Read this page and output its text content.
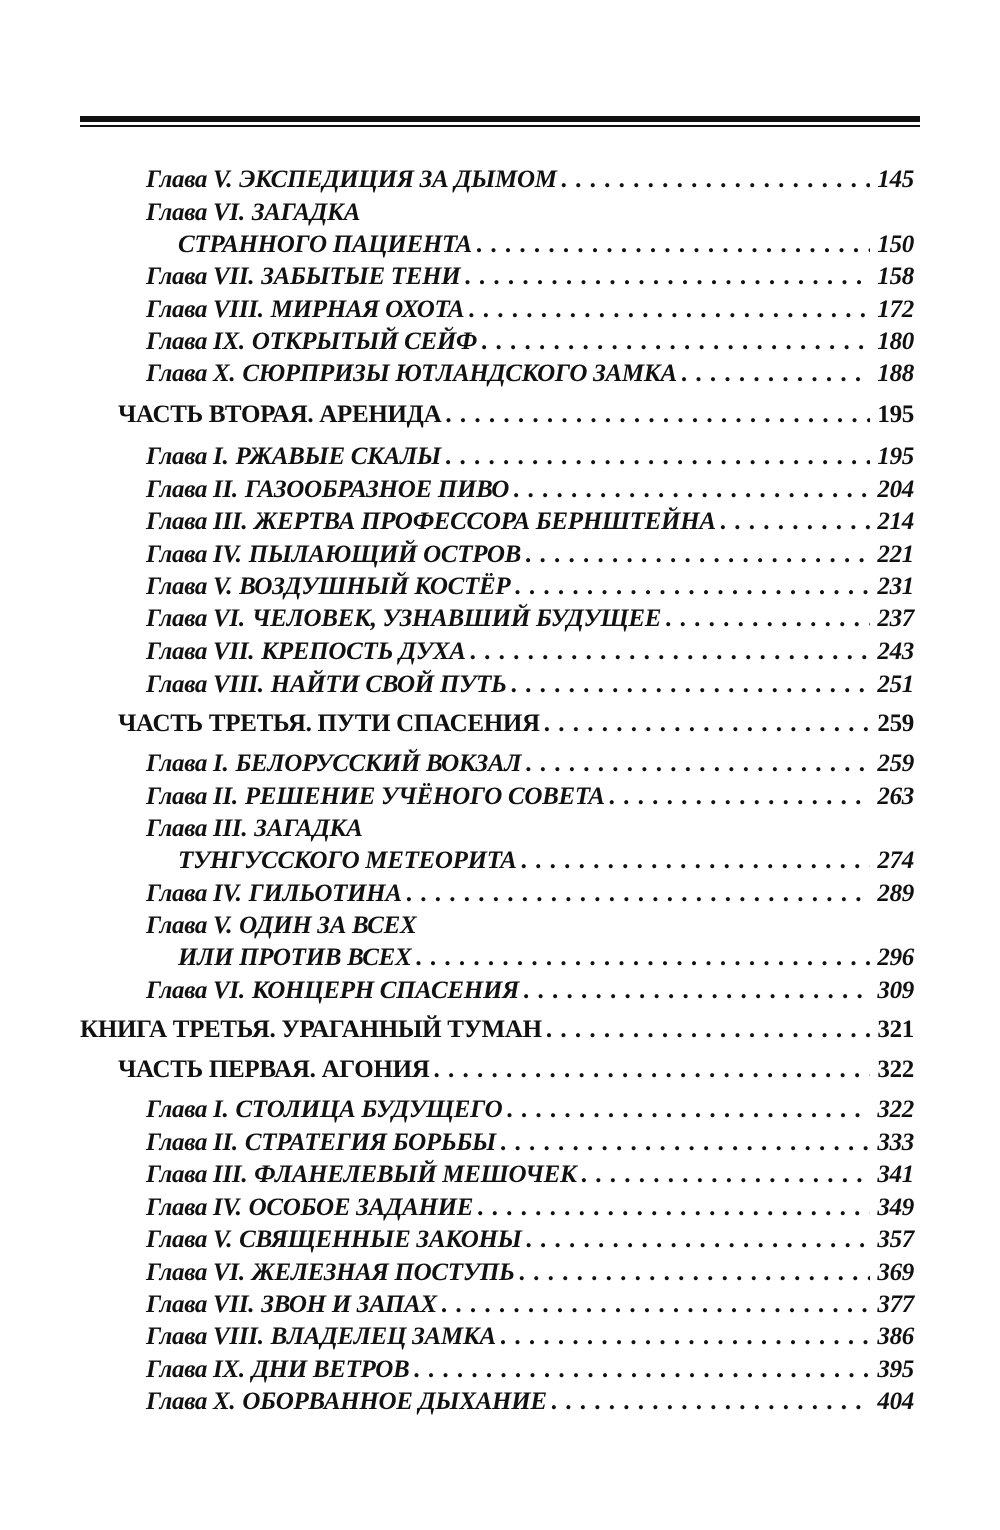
Глава V. ЭКСПЕДИЦИЯ ЗА ДЫМОМ . . .	145
Глава VI. ЗАГАДКА
СТРАННОГО ПАЦИЕНТА . . .	150
Глава VII. ЗАБЫТЫЕ ТЕНИ . . .	158
Глава VIII. МИРНАЯ ОХОТА . . .	172
Глава IX. ОТКРЫТЫЙ СЕЙФ . . .	180
Глава X. СЮРПРИЗЫ ЮТЛАНДСКОГО ЗАМКА . . .	188
ЧАСТЬ ВТОРАЯ. АРЕНИДА . . .	195
Глава I. РЖАВЫЕ СКАЛЫ . . .	195
Глава II. ГАЗООБРАЗНОЕ ПИВО . . .	204
Глава III. ЖЕРТВА ПРОФЕССОРА БЕРНШТЕЙНА . . .	214
Глава IV. ПЫЛАЮЩИЙ ОСТРОВ . . .	221
Глава V. ВОЗДУШНЫЙ КОСТЁР . . .	231
Глава VI. ЧЕЛОВЕК, УЗНАВШИЙ БУДУЩЕЕ . . .	237
Глава VII. КРЕПОСТЬ ДУХА . . .	243
Глава VIII. НАЙТИ СВОЙ ПУТЬ . . .	251
ЧАСТЬ ТРЕТЬЯ. ПУТИ СПАСЕНИЯ . . .	259
Глава I. БЕЛОРУССКИЙ ВОКЗАЛ . . .	259
Глава II. РЕШЕНИЕ УЧЁНОГО СОВЕТА . . .	263
Глава III. ЗАГАДКА
ТУНГУССКОГО МЕТЕОРИТА . . .	274
Глава IV. ГИЛЬОТИНА . . .	289
Глава V. ОДИН ЗА ВСЕХ
ИЛИ ПРОТИВ ВСЕХ . . .	296
Глава VI. КОНЦЕРН СПАСЕНИЯ . . .	309
КНИГА ТРЕТЬЯ. УРАГАННЫЙ ТУМАН . . .	321
ЧАСТЬ ПЕРВАЯ. АГОНИЯ . . .	322
Глава I. СТОЛИЦА БУДУЩЕГО . . .	322
Глава II. СТРАТЕГИЯ БОРЬБЫ . . .	333
Глава III. ФЛАНЕЛЕВЫЙ МЕШОЧЕК . . .	341
Глава IV. ОСОБОЕ ЗАДАНИЕ . . .	349
Глава V. СВЯЩЕННЫЕ ЗАКОНЫ . . .	357
Глава VI. ЖЕЛЕЗНАЯ ПОСТУПЬ . . .	369
Глава VII. ЗВОН И ЗАПАХ . . .	377
Глава VIII. ВЛАДЕЛЕЦ ЗАМКА . . .	386
Глава IX. ДНИ ВЕТРОВ . . .	395
Глава X. ОБОРВАННОЕ ДЫХАНИЕ . . .	404
